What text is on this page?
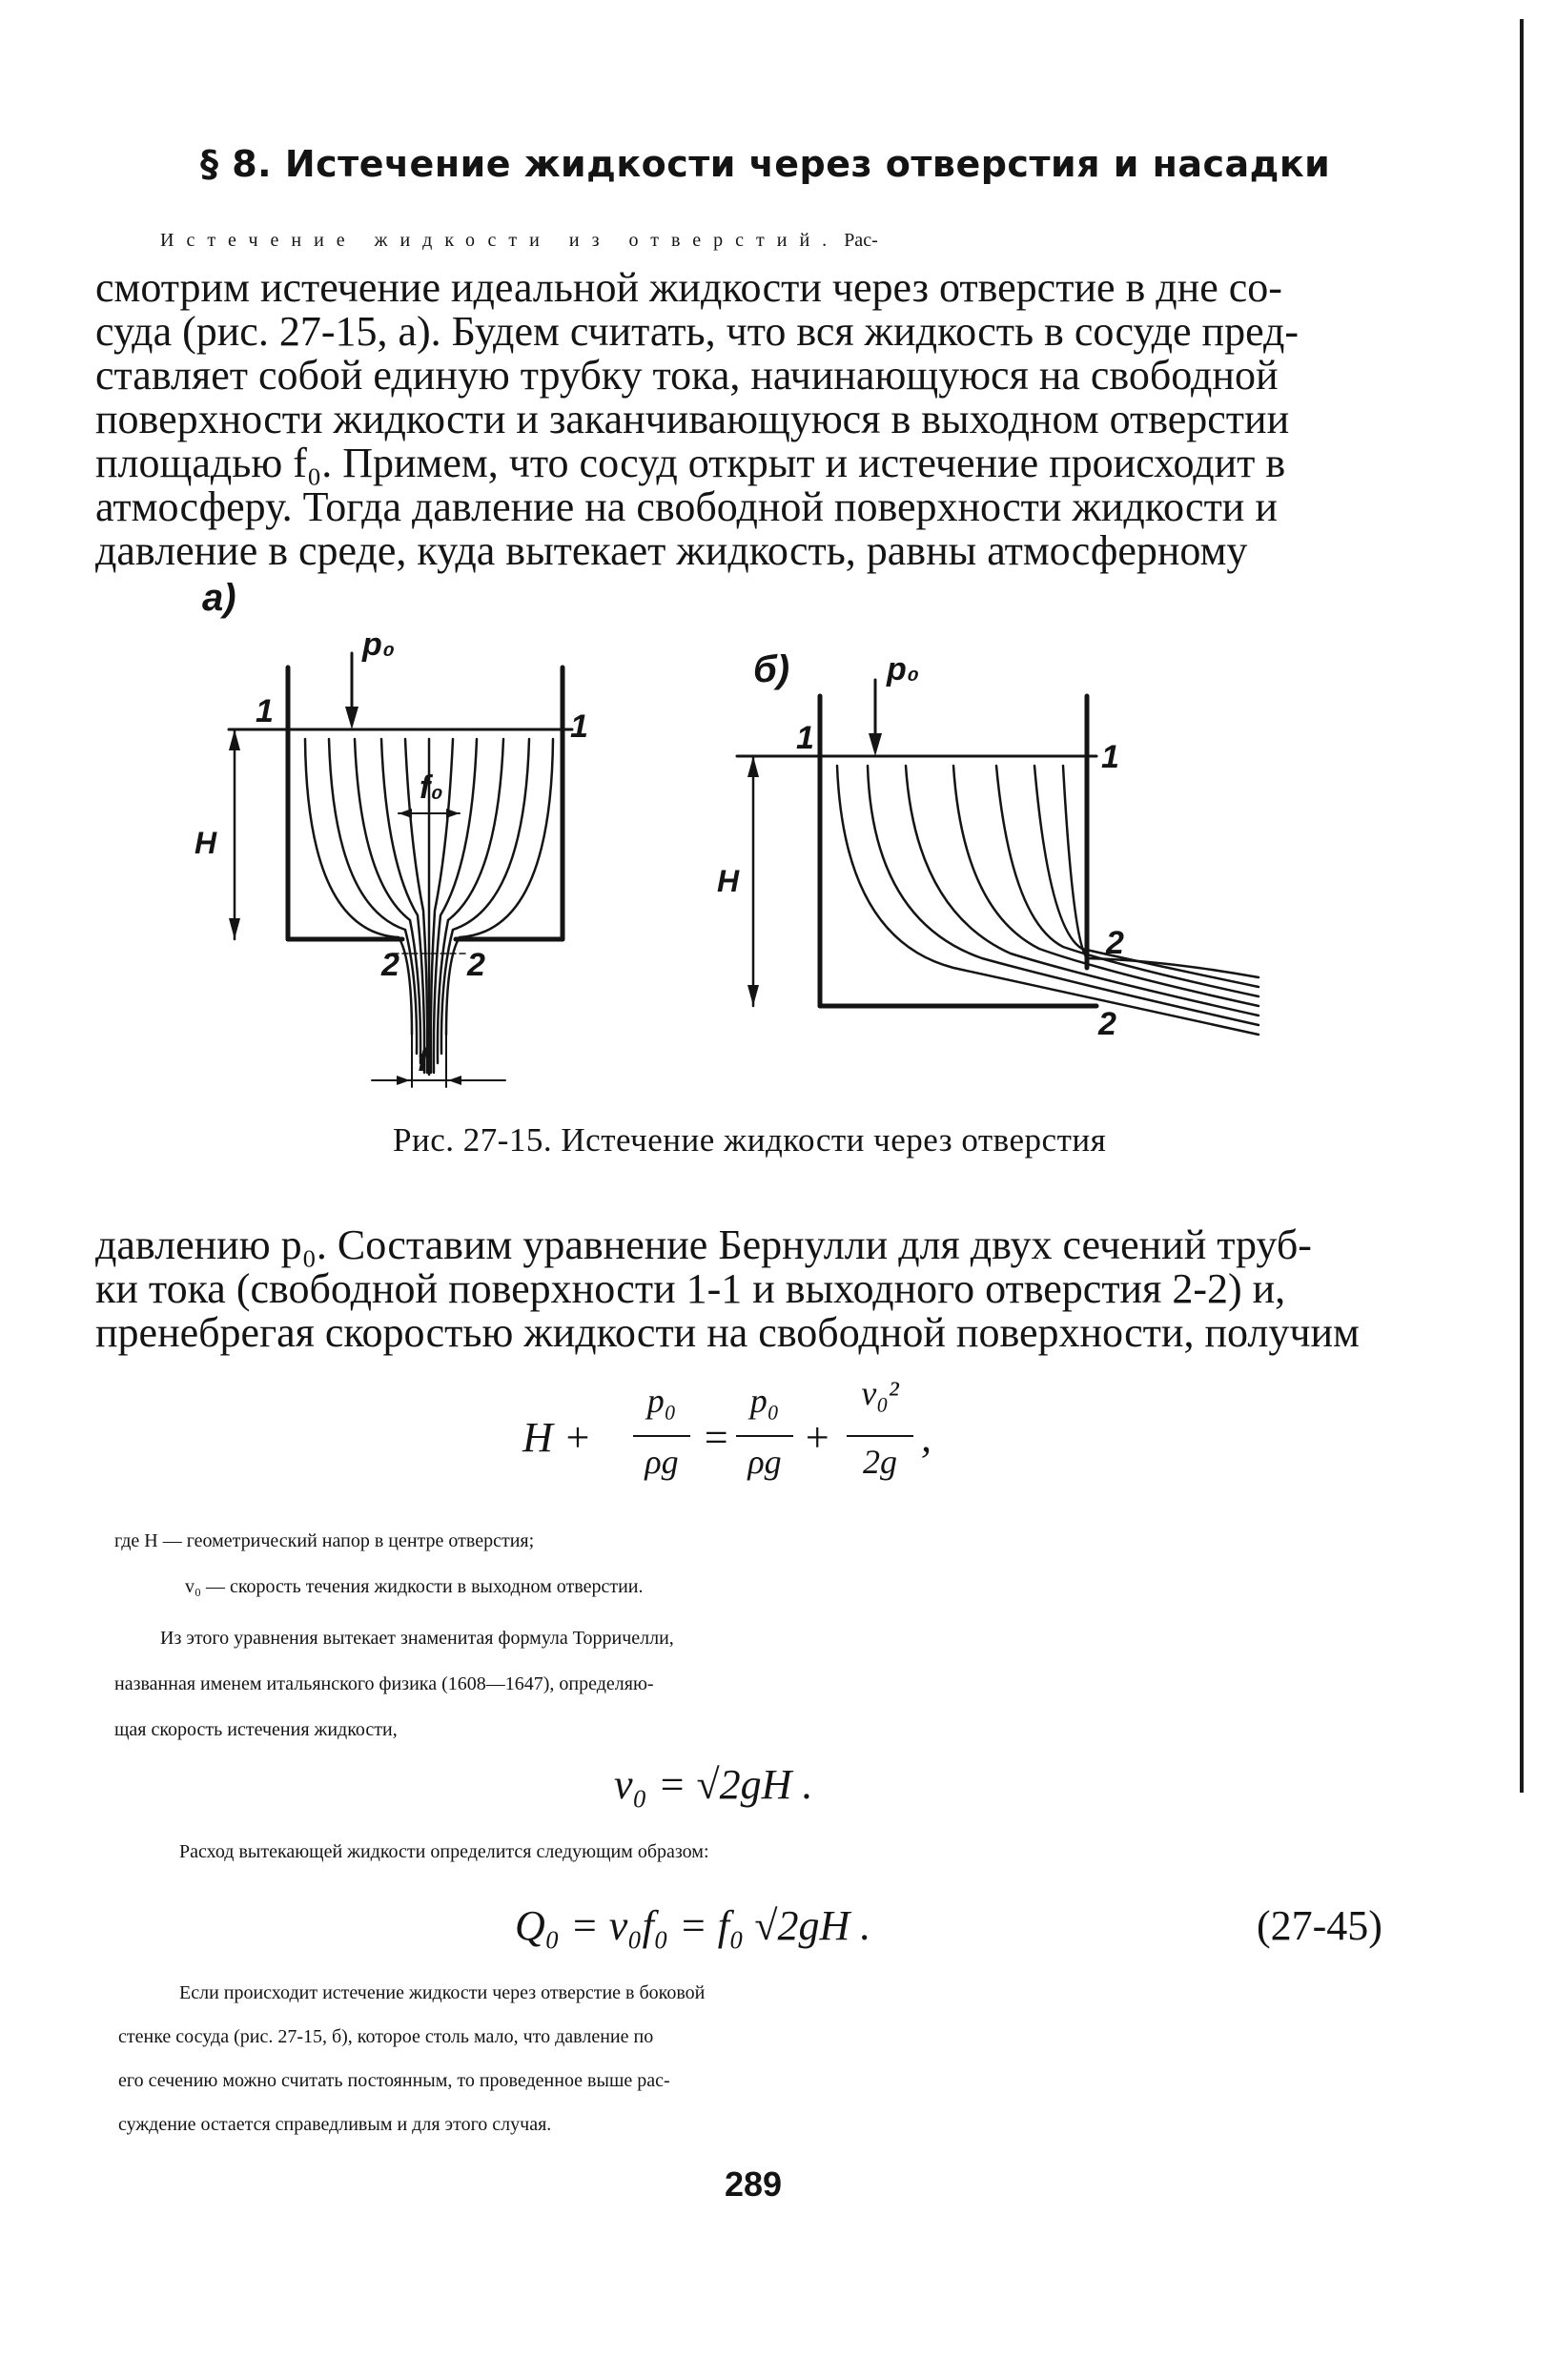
§ 8. Истечение жидкости через отверстия и насадки
Истечение жидкости из отверстий. Рас-
смотрим истечение идеальной жидкости через отверстие в дне со-
суда (рис. 27-15, а). Будем считать, что вся жидкость в сосуде пред-
ставляет собой единую трубку тока, начинающуюся на свободной
поверхности жидкости и заканчивающуюся в выходном отверстии
площадью f₀. Примем, что сосуд открыт и истечение происходит в
атмосферу. Тогда давление на свободной поверхности жидкости и
давление в среде, куда вытекает жидкость, равны атмосферному
а)
p₀
1	1
H
f₀
2 2
f
б)	p₀
1
1
H
2
2
Рис. 27-15. Истечение жидкости через отверстия
давлению p₀. Составим уравнение Бернулли для двух сечений труб-
ки тока (свободной поверхности 1-1 и выходного отверстия 2-2) и,
пренебрегая скоростью жидкости на свободной поверхности, получим
H +
p₀
ρg
=
p₀
ρg
+
v₀²
2g
,
где H — геометрический напор в центре отверстия;
v₀ — скорость течения жидкости в выходном отверстии.
Из этого уравнения вытекает знаменитая формула Торричелли,
названная именем итальянского физика (1608—1647), определяю-
щая скорость истечения жидкости,
v₀ = √2gH .
Расход вытекающей жидкости определится следующим образом:
Q₀ = v₀f₀ = f₀ √2gH .	(27-45)
Если происходит истечение жидкости через отверстие в боковой
стенке сосуда (рис. 27-15, б), которое столь мало, что давление по
его сечению можно считать постоянным, то проведенное выше рас-
суждение остается справедливым и для этого случая.
289
